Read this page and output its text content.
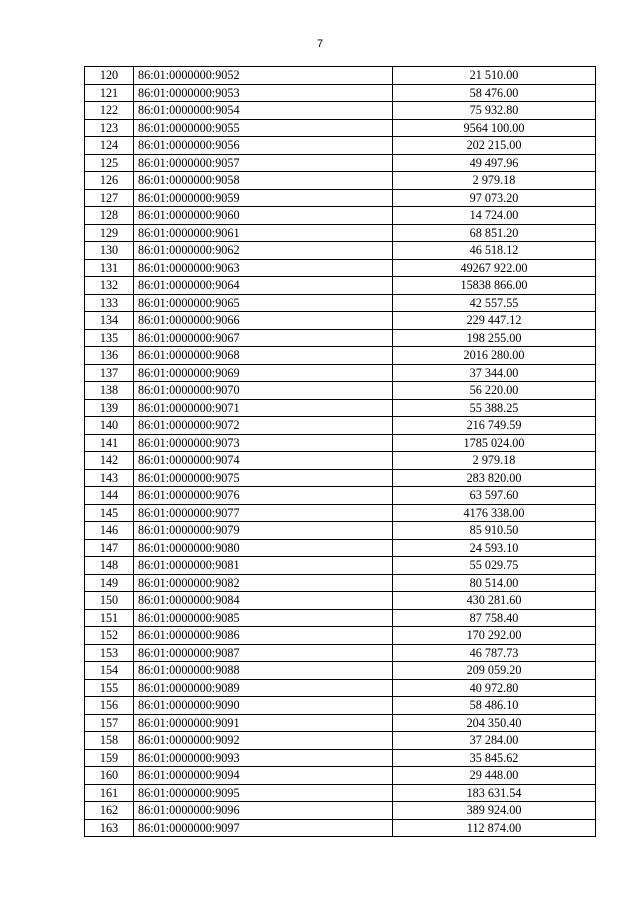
7
120	86:01:0000000:9052	21 510.00
121	86:01:0000000:9053	58 476.00
122	86:01:0000000:9054	75 932.80
123	86:01:0000000:9055	9564 100.00
124	86:01:0000000:9056	202 215.00
125	86:01:0000000:9057	49 497.96
126	86:01:0000000:9058	2 979.18
127	86:01:0000000:9059	97 073.20
128	86:01:0000000:9060	14 724.00
129	86:01:0000000:9061	68 851.20
130	86:01:0000000:9062	46 518.12
131	86:01:0000000:9063	49267 922.00
132	86:01:0000000:9064	15838 866.00
133	86:01:0000000:9065	42 557.55
134	86:01:0000000:9066	229 447.12
135	86:01:0000000:9067	198 255.00
136	86:01:0000000:9068	2016 280.00
137	86:01:0000000:9069	37 344.00
138	86:01:0000000:9070	56 220.00
139	86:01:0000000:9071	55 388.25
140	86:01:0000000:9072	216 749.59
141	86:01:0000000:9073	1785 024.00
142	86:01:0000000:9074	2 979.18
143	86:01:0000000:9075	283 820.00
144	86:01:0000000:9076	63 597.60
145	86:01:0000000:9077	4176 338.00
146	86:01:0000000:9079	85 910.50
147	86:01:0000000:9080	24 593.10
148	86:01:0000000:9081	55 029.75
149	86:01:0000000:9082	80 514.00
150	86:01:0000000:9084	430 281.60
151	86:01:0000000:9085	87 758.40
152	86:01:0000000:9086	170 292.00
153	86:01:0000000:9087	46 787.73
154	86:01:0000000:9088	209 059.20
155	86:01:0000000:9089	40 972.80
156	86:01:0000000:9090	58 486.10
157	86:01:0000000:9091	204 350.40
158	86:01:0000000:9092	37 284.00
159	86:01:0000000:9093	35 845.62
160	86:01:0000000:9094	29 448.00
161	86:01:0000000:9095	183 631.54
162	86:01:0000000:9096	389 924.00
163	86:01:0000000:9097	112 874.00
